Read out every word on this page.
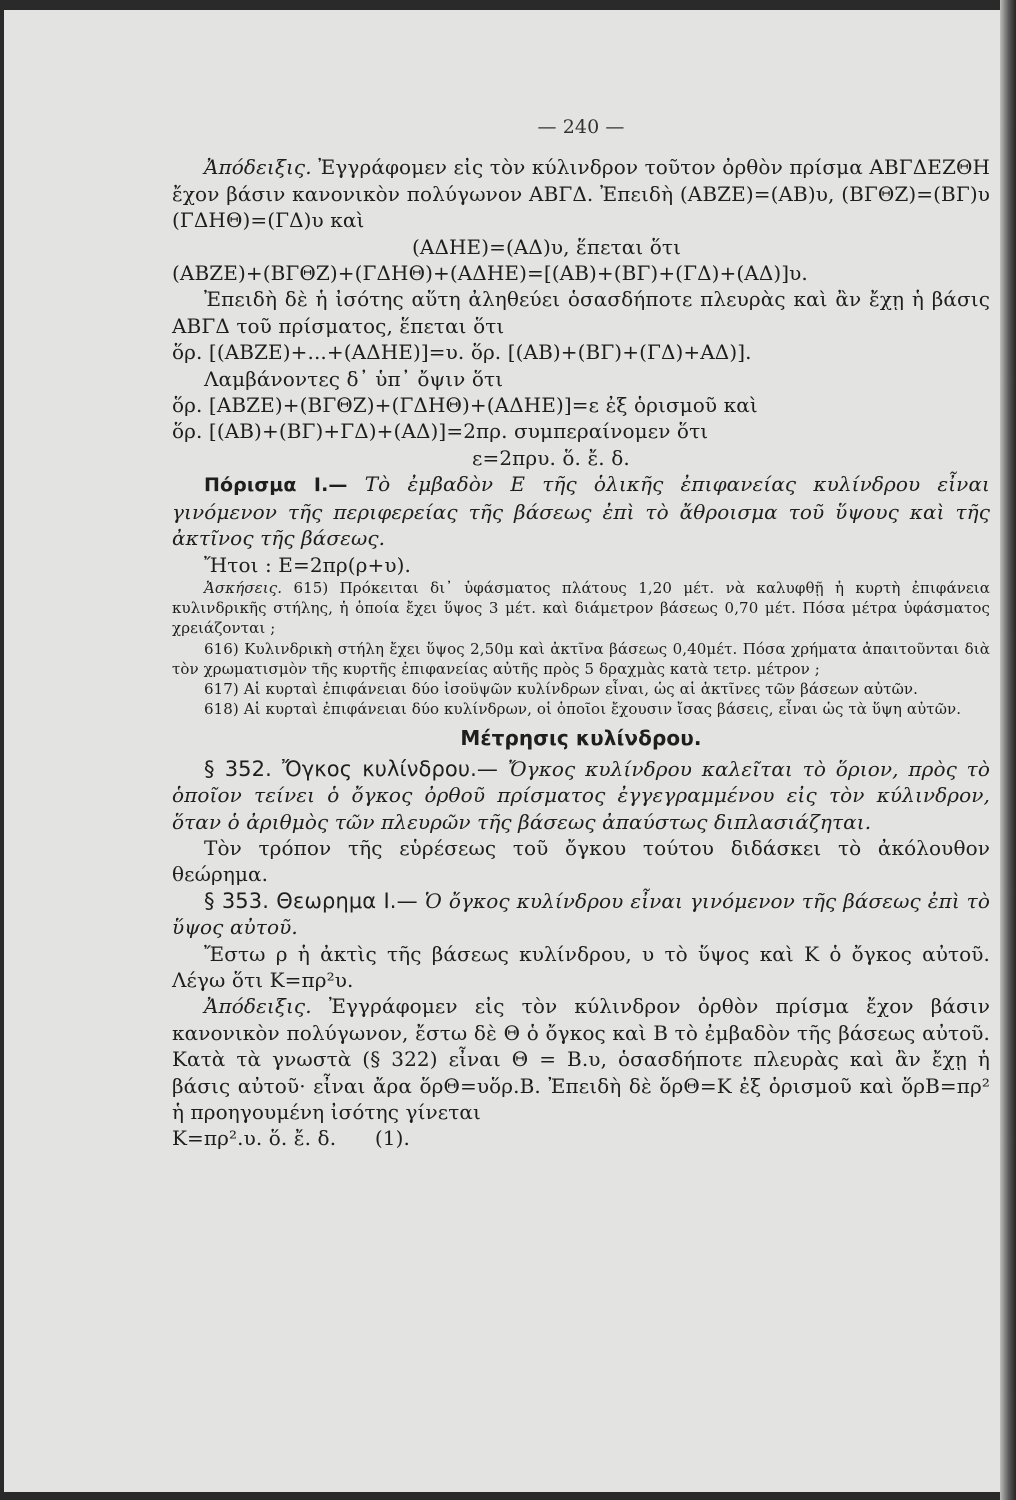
— 240 —

Ἀπόδειξις. Ἐγγράφομεν εἰς τὸν κύλινδρον τοῦτον ὀρθὸν πρίσμα ΑΒΓΔΕΖΘΗ ἔχον βάσιν κανονικὸν πολύγωνον ΑΒΓΔ. Ἐπειδὴ (ΑΒΖΕ)=(ΑΒ)υ, (ΒΓΘΖ)=(ΒΓ)υ (ΓΔΗΘ)=(ΓΔ)υ καὶ

(ΑΔΗΕ)=(ΑΔ)υ, ἕπεται ὅτι

(ΑΒΖΕ)+(ΒΓΘΖ)+(ΓΔΗΘ)+(ΑΔΗΕ)=[(ΑΒ)+(ΒΓ)+(ΓΔ)+(ΑΔ)]υ.

Ἐπειδὴ δὲ ἡ ἰσότης αὕτη ἀληθεύει ὁσασδήποτε πλευρὰς καὶ ἂν ἔχῃ ἡ βάσις ΑΒΓΔ τοῦ πρίσματος, ἕπεται ὅτι

ὅρ. [(ΑΒΖΕ)+...+(ΑΔΗΕ)]=υ. ὅρ. [(ΑΒ)+(ΒΓ)+(ΓΔ)+ΑΔ)].

Λαμβάνοντες δ᾽ ὑπ᾽ ὄψιν ὅτι

ὅρ. [ΑΒΖΕ)+(ΒΓΘΖ)+(ΓΔΗΘ)+(ΑΔΗΕ)]=ε ἐξ ὁρισμοῦ καὶ

ὅρ. [(ΑΒ)+(ΒΓ)+ΓΔ)+(ΑΔ)]=2πρ. συμπεραίνομεν ὅτι

ε=2πρυ. ὅ. ἔ. δ.

Πόρισμα Ι.— Τὸ ἐμβαδὸν Ε τῆς ὁλικῆς ἐπιφανείας κυλίνδρου εἶναι γινόμενον τῆς περιφερείας τῆς βάσεως ἐπὶ τὸ ἄθροισμα τοῦ ὕψους καὶ τῆς ἀκτῖνος τῆς βάσεως.

Ἤτοι : Ε=2πρ(ρ+υ).

Ἀσκήσεις. 615) Πρόκειται δι᾽ ὑφάσματος πλάτους 1,20 μέτ. νὰ καλυφθῇ ἡ κυρτὴ ἐπιφάνεια κυλινδρικῆς στήλης, ἡ ὁποία ἔχει ὕψος 3 μέτ. καὶ διάμετρον βάσεως 0,70 μέτ. Πόσα μέτρα ὑφάσματος χρειάζονται ;

616) Κυλινδρικὴ στήλη ἔχει ὕψος 2,50μ καὶ ἀκτῖνα βάσεως 0,40μέτ. Πόσα χρήματα ἀπαιτοῦνται διὰ τὸν χρωματισμὸν τῆς κυρτῆς ἐπιφανείας αὐτῆς πρὸς 5 δραχμὰς κατὰ τετρ. μέτρον ;

617) Αἱ κυρταὶ ἐπιφάνειαι δύο ἰσοϋψῶν κυλίνδρων εἶναι, ὡς αἱ ἀκτῖνες τῶν βάσεων αὐτῶν.

618) Αἱ κυρταὶ ἐπιφάνειαι δύο κυλίνδρων, οἱ ὁποῖοι ἔχουσιν ἴσας βάσεις, εἶναι ὡς τὰ ὕψη αὐτῶν.

Μέτρησις κυλίνδρου.

§ 352. Ὄγκος κυλίνδρου.— Ὄγκος κυλίνδρου καλεῖται τὸ ὅριον, πρὸς τὸ ὁποῖον τείνει ὁ ὄγκος ὀρθοῦ πρίσματος ἐγγεγραμμένου εἰς τὸν κύλινδρον, ὅταν ὁ ἀριθμὸς τῶν πλευρῶν τῆς βάσεως ἀπαύστως διπλασιάζηται.

Τὸν τρόπον τῆς εὑρέσεως τοῦ ὄγκου τούτου διδάσκει τὸ ἀκόλουθον θεώρημα.

§ 353. Θεωρημα Ι.— Ὁ ὄγκος κυλίνδρου εἶναι γινόμενον τῆς βάσεως ἐπὶ τὸ ὕψος αὐτοῦ.

Ἔστω ρ ἡ ἀκτὶς τῆς βάσεως κυλίνδρου, υ τὸ ὕψος καὶ Κ ὁ ὄγκος αὐτοῦ. Λέγω ὅτι Κ=πρ²υ.

Ἀπόδειξις. Ἐγγράφομεν εἰς τὸν κύλινδρον ὀρθὸν πρίσμα ἔχον βάσιν κανονικὸν πολύγωνον, ἔστω δὲ Θ ὁ ὄγκος καὶ Β τὸ ἐμβαδὸν τῆς βάσεως αὐτοῦ. Κατὰ τὰ γνωστὰ (§ 322) εἶναι Θ = Β.υ, ὁσασδήποτε πλευρὰς καὶ ἂν ἔχῃ ἡ βάσις αὐτοῦ· εἶναι ἄρα ὅρΘ=υὅρ.Β. Ἐπειδὴ δὲ ὅρΘ=Κ ἐξ ὁρισμοῦ καὶ ὅρΒ=πρ² ἡ προηγουμένη ἰσότης γίνεται

Κ=πρ².υ. ὅ. ἔ. δ.      (1).
